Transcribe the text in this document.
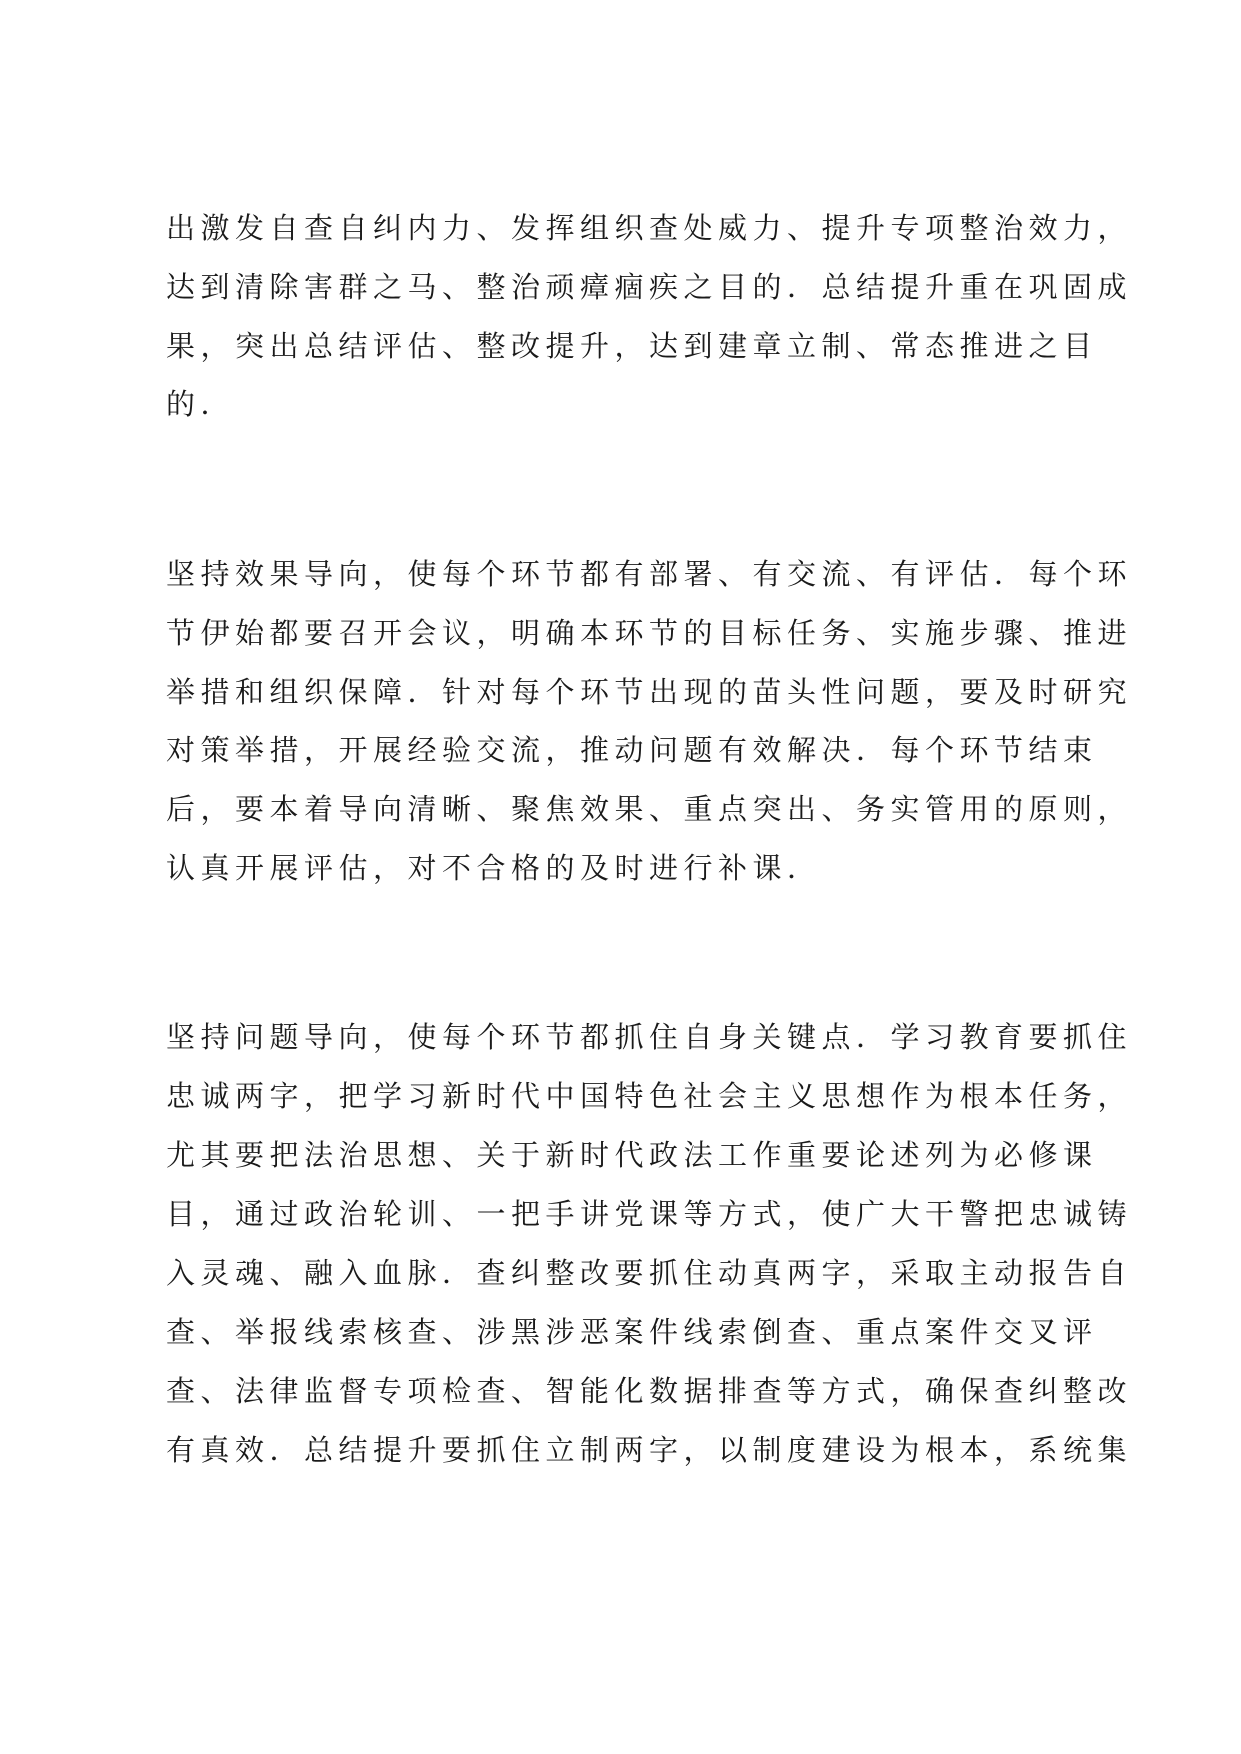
出激发自查自纠内力、发挥组织查处威力、提升专项整治效力，
达到清除害群之马、整治顽瘴痼疾之目的．总结提升重在巩固成
果，突出总结评估、整改提升，达到建章立制、常态推进之目
的．
坚持效果导向，使每个环节都有部署、有交流、有评估．每个环
节伊始都要召开会议，明确本环节的目标任务、实施步骤、推进
举措和组织保障．针对每个环节出现的苗头性问题，要及时研究
对策举措，开展经验交流，推动问题有效解决．每个环节结束
后，要本着导向清晰、聚焦效果、重点突出、务实管用的原则，
认真开展评估，对不合格的及时进行补课．
坚持问题导向，使每个环节都抓住自身关键点．学习教育要抓住
忠诚两字，把学习新时代中国特色社会主义思想作为根本任务，
尤其要把法治思想、关于新时代政法工作重要论述列为必修课
目，通过政治轮训、一把手讲党课等方式，使广大干警把忠诚铸
入灵魂、融入血脉．查纠整改要抓住动真两字，采取主动报告自
查、举报线索核查、涉黑涉恶案件线索倒查、重点案件交叉评
查、法律监督专项检查、智能化数据排查等方式，确保查纠整改
有真效．总结提升要抓住立制两字，以制度建设为根本，系统集
